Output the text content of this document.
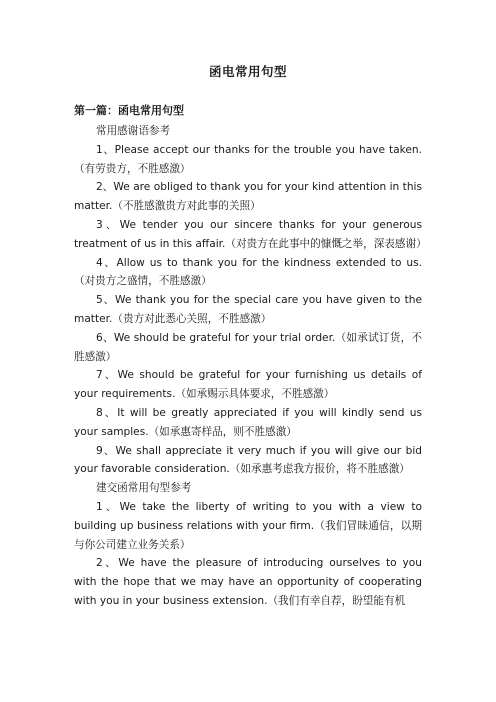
函电常用句型
第一篇：函电常用句型

常用感谢语参考

1、Please accept our thanks for the trouble you have taken.（有劳贵方，不胜感激）

2、We are obliged to thank you for your kind attention in this matter.（不胜感激贵方对此事的关照）

3、We tender you our sincere thanks for your generous treatment of us in this affair.（对贵方在此事中的慷慨之举，深表感谢）

4、Allow us to thank you for the kindness extended to us.（对贵方之盛情，不胜感激）

5、We thank you for the special care you have given to the matter.（贵方对此悉心关照，不胜感激）

6、We should be grateful for your trial order.（如承试订货，不胜感激）

7、We should be grateful for your furnishing us details of your requirements.（如承赐示具体要求，不胜感激）

8、It will be greatly appreciated if you will kindly send us your samples.（如承惠寄样品，则不胜感激）

9、We shall appreciate it very much if you will give our bid your favorable consideration.（如承惠考虑我方报价，将不胜感激）

建交函常用句型参考

1、We take the liberty of writing to you with a view to building up business relations with your firm.（我们冒昧通信，以期与你公司建立业务关系）

2、We have the pleasure of introducing ourselves to you with the hope that we may have an opportunity of cooperating with you in your business extension.（我们有幸自荐，盼望能有机
